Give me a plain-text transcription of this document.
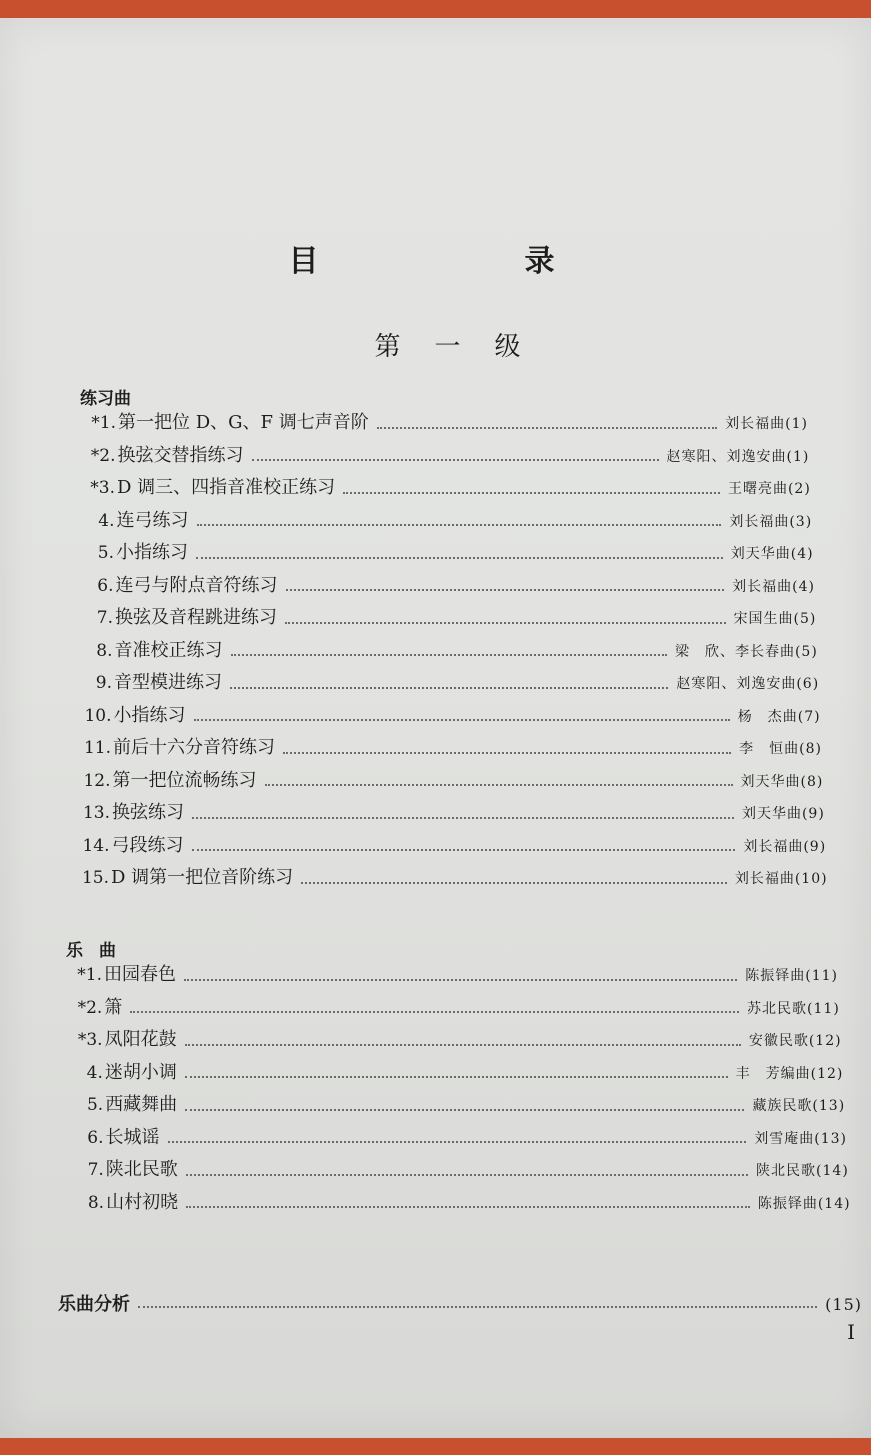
目　录
第一级
练习曲
*1. 第一把位 D、G、F 调七声音阶	刘长福曲(1)
*2. 换弦交替指练习	赵寒阳、刘逸安曲(1)
*3. D 调三、四指音准校正练习	王曙亮曲(2)
4. 连弓练习	刘长福曲(3)
5. 小指练习	刘天华曲(4)
6. 连弓与附点音符练习	刘长福曲(4)
7. 换弦及音程跳进练习	宋国生曲(5)
8. 音准校正练习	梁　欣、李长春曲(5)
9. 音型模进练习	赵寒阳、刘逸安曲(6)
10. 小指练习	杨　杰曲(7)
11. 前后十六分音符练习	李　恒曲(8)
12. 第一把位流畅练习	刘天华曲(8)
13. 换弦练习	刘天华曲(9)
14. 弓段练习	刘长福曲(9)
15. D 调第一把位音阶练习	刘长福曲(10)
乐曲
*1. 田园春色	陈振铎曲(11)
*2. 箫	苏北民歌(11)
*3. 凤阳花鼓	安徽民歌(12)
4. 迷胡小调	丰　芳编曲(12)
5. 西藏舞曲	藏族民歌(13)
6. 长城谣	刘雪庵曲(13)
7. 陕北民歌	陕北民歌(14)
8. 山村初晓	陈振铎曲(14)
乐曲分析	(15)
I
